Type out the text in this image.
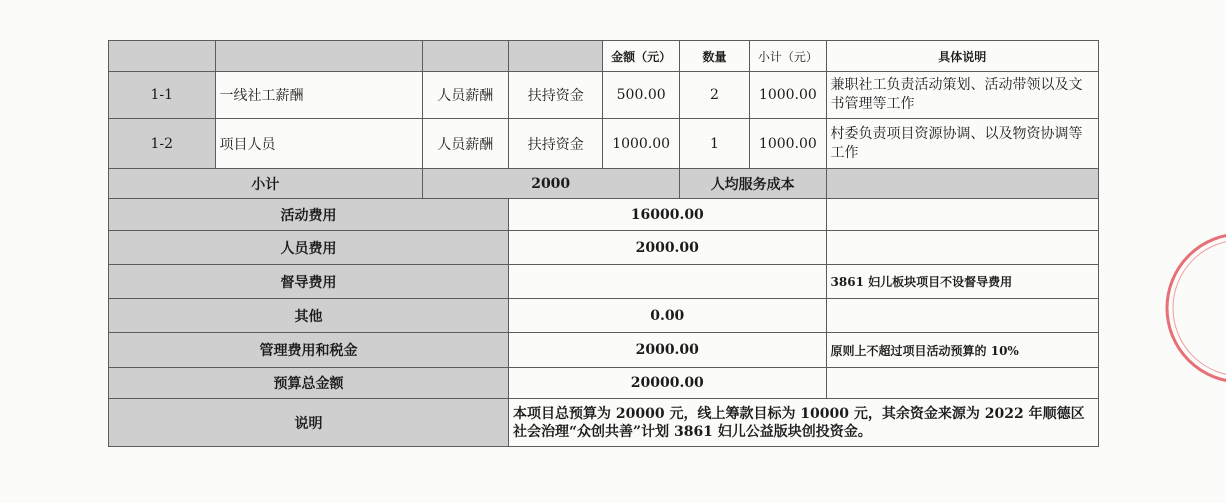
				金额（元）	数量	小计（元）	具体说明
1-1	一线社工薪酬	人员薪酬	扶持资金	500.00	2	1000.00	兼职社工负责活动策划、活动带领以及文书管理等工作
1-2	项目人员	人员薪酬	扶持资金	1000.00	1	1000.00	村委负责项目资源协调、以及物资协调等工作
小计		2000			人均服务成本		
活动费用			16000.00				
人员费用			2000.00				
督导费用							3861 妇儿板块项目不设督导费用
其他			0.00				
管理费用和税金			2000.00				原则上不超过项目活动预算的 10%
预算总金额			20000.00				
说明			本项目总预算为 20000 元，线上筹款目标为 10000 元，其余资金来源为 2022 年顺德区社会治理“众创共善”计划 3861 妇儿公益版块创投资金。				
